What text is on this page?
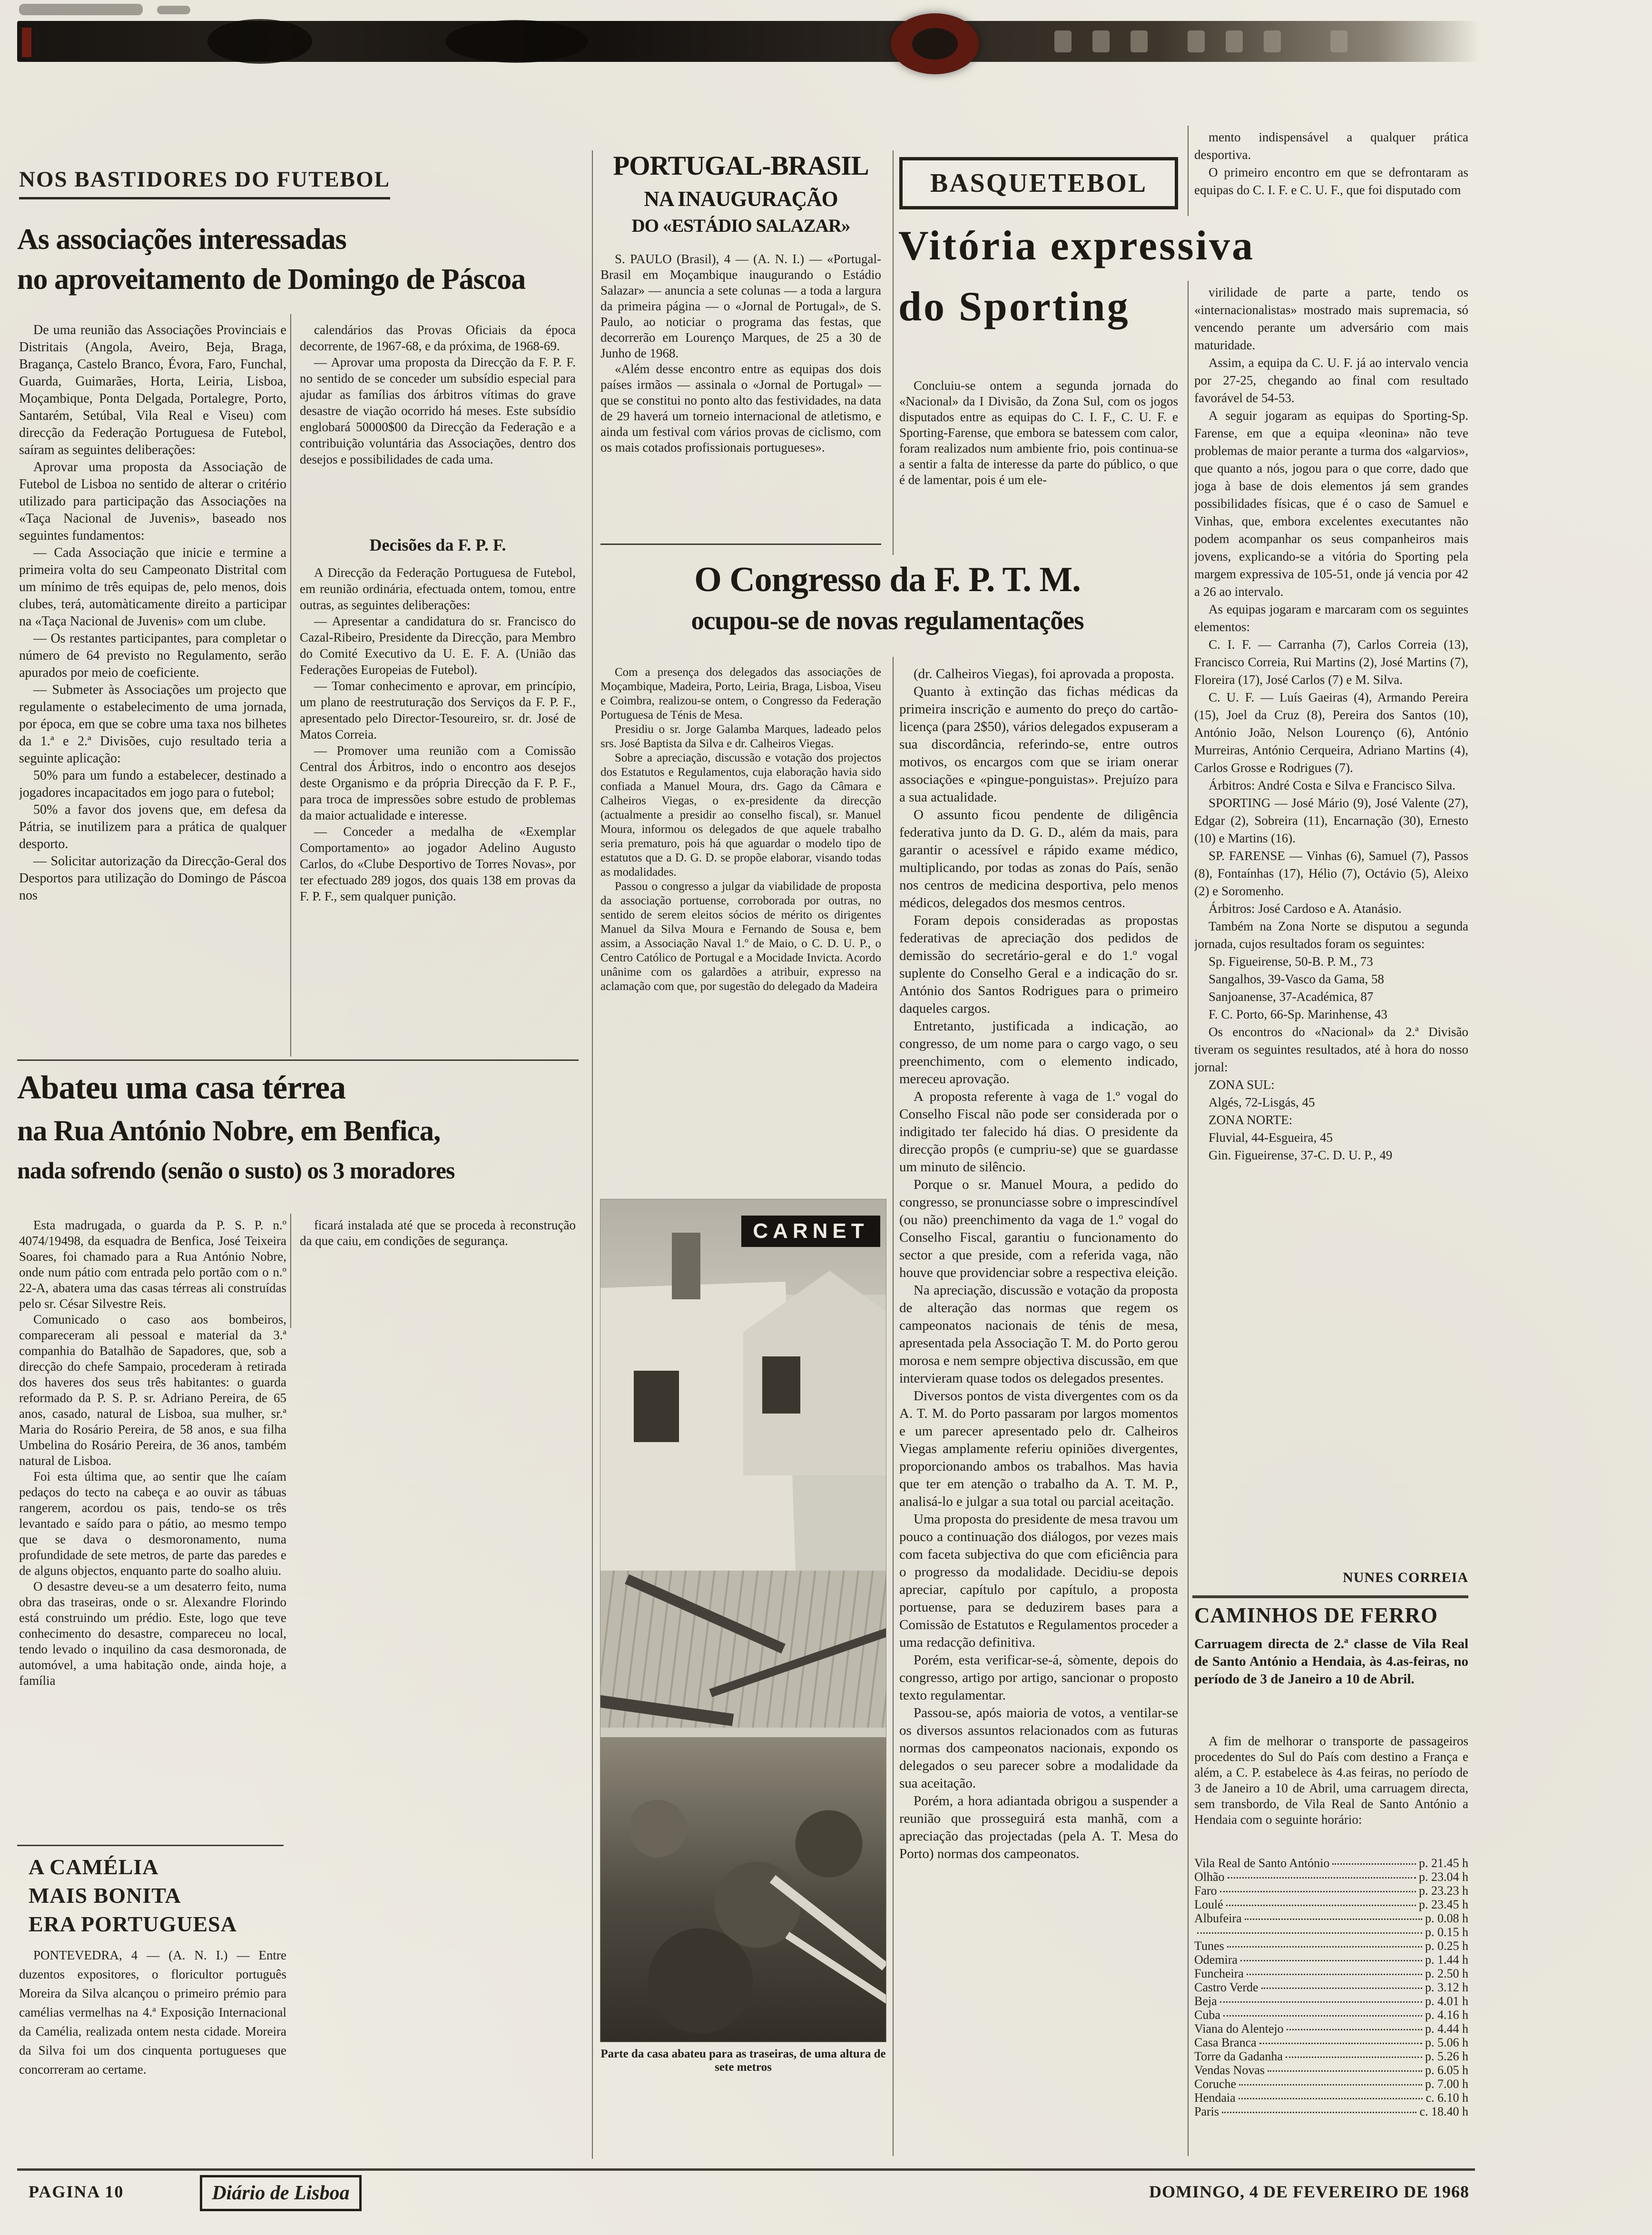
NOS BASTIDORES DO FUTEBOL
As associações interessadas
no aproveitamento de Domingo de Páscoa

De uma reunião das Associações Provinciais e Distritais (Angola, Aveiro, Beja, Braga, Bragança, Castelo Branco, Évora, Faro, Funchal, Guarda, Guimarães, Horta, Leiria, Lisboa, Moçambique, Ponta Delgada, Portalegre, Porto, Santarém, Setúbal, Vila Real e Viseu) com direcção da Federação Portuguesa de Futebol, saíram as seguintes deliberações:

Aprovar uma proposta da Associação de Futebol de Lisboa no sentido de alterar o critério utilizado para participação das Associações na «Taça Nacional de Juvenis», baseado nos seguintes fundamentos:

— Cada Associação que inicie e termine a primeira volta do seu Campeonato Distrital com um mínimo de três equipas de, pelo menos, dois clubes, terá, automàticamente direito a participar na «Taça Nacional de Juvenis» com um clube.

— Os restantes participantes, para completar o número de 64 previsto no Regulamento, serão apurados por meio de coeficiente.

— Submeter às Associações um projecto que regulamente o estabelecimento de uma jornada, por época, em que se cobre uma taxa nos bilhetes da 1.ª e 2.ª Divisões, cujo resultado teria a seguinte aplicação:

50% para um fundo a estabelecer, destinado a jogadores incapacitados em jogo para o futebol;

50% a favor dos jovens que, em defesa da Pátria, se inutilizem para a prática de qualquer desporto.

— Solicitar autorização da Direcção-Geral dos Desportos para utilização do Domingo de Páscoa nos

calendários das Provas Oficiais da época decorrente, de 1967-68, e da próxima, de 1968-69.

— Aprovar uma proposta da Direcção da F. P. F. no sentido de se conceder um subsídio especial para ajudar as famílias dos árbitros vítimas do grave desastre de viação ocorrido há meses. Este subsídio englobará 50000$00 da Direcção da Federação e a contribuição voluntária das Associações, dentro dos desejos e possibilidades de cada uma.

Decisões da F. P. F.

A Direcção da Federação Portuguesa de Futebol, em reunião ordinária, efectuada ontem, tomou, entre outras, as seguintes deliberações:

— Apresentar a candidatura do sr. Francisco do Cazal-Ribeiro, Presidente da Direcção, para Membro do Comité Executivo da U. E. F. A. (União das Federações Europeias de Futebol).

— Tomar conhecimento e aprovar, em princípio, um plano de reestruturação dos Serviços da F. P. F., apresentado pelo Director-Tesoureiro, sr. dr. José de Matos Correia.

— Promover uma reunião com a Comissão Central dos Árbitros, indo o encontro aos desejos deste Organismo e da própria Direcção da F. P. F., para troca de impressões sobre estudo de problemas da maior actualidade e interesse.

— Conceder a medalha de «Exemplar Comportamento» ao jogador Adelino Augusto Carlos, do «Clube Desportivo de Torres Novas», por ter efectuado 289 jogos, dos quais 138 em provas da F. P. F., sem qualquer punição.

PORTUGAL-BRASIL
NA INAUGURAÇÃO
DO «ESTÁDIO SALAZAR»

S. PAULO (Brasil), 4 — (A. N. I.) — «Portugal-Brasil em Moçambique inaugurando o Estádio Salazar» — anuncia a sete colunas — a toda a largura da primeira página — o «Jornal de Portugal», de S. Paulo, ao noticiar o programa das festas, que decorrerão em Lourenço Marques, de 25 a 30 de Junho de 1968.

«Além desse encontro entre as equipas dos dois países irmãos — assinala o «Jornal de Portugal» — que se constitui no ponto alto das festividades, na data de 29 haverá um torneio internacional de atletismo, e ainda um festival com vários provas de ciclismo, com os mais cotados profissionais portugueses».

BASQUETEBOL

mento indispensável a qualquer prática desportiva.

O primeiro encontro em que se defrontaram as equipas do C. I. F. e C. U. F., que foi disputado com

Vitória expressiva
do Sporting

Concluiu-se ontem a segunda jornada do «Nacional» da I Divisão, da Zona Sul, com os jogos disputados entre as equipas do C. I. F., C. U. F. e Sporting-Farense, que embora se batessem com calor, foram realizados num ambiente frio, pois continua-se a sentir a falta de interesse da parte do público, o que é de lamentar, pois é um ele-

virilidade de parte a parte, tendo os «internacionalistas» mostrado mais supremacia, só vencendo perante um adversário com mais maturidade.

Assim, a equipa da C. U. F. já ao intervalo vencia por 27-25, chegando ao final com resultado favorável de 54-53.

A seguir jogaram as equipas do Sporting-Sp. Farense, em que a equipa «leonina» não teve problemas de maior perante a turma dos «algarvios», que quanto a nós, jogou para o que corre, dado que joga à base de dois elementos já sem grandes possibilidades físicas, que é o caso de Samuel e Vinhas, que, embora excelentes executantes não podem acompanhar os seus companheiros mais jovens, explicando-se a vitória do Sporting pela margem expressiva de 105-51, onde já vencia por 42 a 26 ao intervalo.

As equipas jogaram e marcaram com os seguintes elementos:

C. I. F. — Carranha (7), Carlos Correia (13), Francisco Correia, Rui Martins (2), José Martins (7), Floreira (17), José Carlos (7) e M. Silva.

C. U. F. — Luís Gaeiras (4), Armando Pereira (15), Joel da Cruz (8), Pereira dos Santos (10), António João, Nelson Lourenço (6), António Murreiras, António Cerqueira, Adriano Martins (4), Carlos Grosse e Rodrigues (7).

Árbitros: André Costa e Silva e Francisco Silva.

SPORTING — José Mário (9), José Valente (27), Edgar (2), Sobreira (11), Encarnação (30), Ernesto (10) e Martins (16).

SP. FARENSE — Vinhas (6), Samuel (7), Passos (8), Fontaínhas (17), Hélio (7), Octávio (5), Aleixo (2) e Soromenho.

Árbitros: José Cardoso e A. Atanásio.

Também na Zona Norte se disputou a segunda jornada, cujos resultados foram os seguintes:

Sp. Figueirense, 50-B. P. M., 73

Sangalhos, 39-Vasco da Gama, 58

Sanjoanense, 37-Académica, 87

F. C. Porto, 66-Sp. Marinhense, 43

Os encontros do «Nacional» da 2.ª Divisão tiveram os seguintes resultados, até à hora do nosso jornal:

ZONA SUL:

Algés, 72-Lisgás, 45

ZONA NORTE:

Fluvial, 44-Esgueira, 45

Gin. Figueirense, 37-C. D. U. P., 49

NUNES CORREIA
O Congresso da F. P. T. M.
ocupou-se de novas regulamentações

Com a presença dos delegados das associações de Moçambique, Madeira, Porto, Leiria, Braga, Lisboa, Viseu e Coimbra, realizou-se ontem, o Congresso da Federação Portuguesa de Ténis de Mesa.

Presidiu o sr. Jorge Galamba Marques, ladeado pelos srs. José Baptista da Silva e dr. Calheiros Viegas.

Sobre a apreciação, discussão e votação dos projectos dos Estatutos e Regulamentos, cuja elaboração havia sido confiada a Manuel Moura, drs. Gago da Câmara e Calheiros Viegas, o ex-presidente da direcção (actualmente a presidir ao conselho fiscal), sr. Manuel Moura, informou os delegados de que aquele trabalho seria prematuro, pois há que aguardar o modelo tipo de estatutos que a D. G. D. se propõe elaborar, visando todas as modalidades.

Passou o congresso a julgar da viabilidade de proposta da associação portuense, corroborada por outras, no sentido de serem eleitos sócios de mérito os dirigentes Manuel da Silva Moura e Fernando de Sousa e, bem assim, a Associação Naval 1.º de Maio, o C. D. U. P., o Centro Católico de Portugal e a Mocidade Invicta. Acordo unânime com os galardões a atribuir, expresso na aclamação com que, por sugestão do delegado da Madeira

(dr. Calheiros Viegas), foi aprovada a proposta.

Quanto à extinção das fichas médicas da primeira inscrição e aumento do preço do cartão-licença (para 2$50), vários delegados expuseram a sua discordância, referindo-se, entre outros motivos, os encargos com que se iriam onerar associações e «pingue-ponguistas». Prejuízo para a sua actualidade.

O assunto ficou pendente de diligência federativa junto da D. G. D., além da mais, para garantir o acessível e rápido exame médico, multiplicando, por todas as zonas do País, senão nos centros de medicina desportiva, pelo menos médicos, delegados dos mesmos centros.

Foram depois consideradas as propostas federativas de apreciação dos pedidos de demissão do secretário-geral e do 1.º vogal suplente do Conselho Geral e a indicação do sr. António dos Santos Rodrigues para o primeiro daqueles cargos.

Entretanto, justificada a indicação, ao congresso, de um nome para o cargo vago, o seu preenchimento, com o elemento indicado, mereceu aprovação.

A proposta referente à vaga de 1.º vogal do Conselho Fiscal não pode ser considerada por o indigitado ter falecido há dias. O presidente da direcção propôs (e cumpriu-se) que se guardasse um minuto de silêncio.

Porque o sr. Manuel Moura, a pedido do congresso, se pronunciasse sobre o imprescindível (ou não) preenchimento da vaga de 1.º vogal do Conselho Fiscal, garantiu o funcionamento do sector a que preside, com a referida vaga, não houve que providenciar sobre a respectiva eleição.

Na apreciação, discussão e votação da proposta de alteração das normas que regem os campeonatos nacionais de ténis de mesa, apresentada pela Associação T. M. do Porto gerou morosa e nem sempre objectiva discussão, em que intervieram quase todos os delegados presentes.

Diversos pontos de vista divergentes com os da A. T. M. do Porto passaram por largos momentos e um parecer apresentado pelo dr. Calheiros Viegas amplamente referiu opiniões divergentes, proporcionando ambos os trabalhos. Mas havia que ter em atenção o trabalho da A. T. M. P., analisá-lo e julgar a sua total ou parcial aceitação.

Uma proposta do presidente de mesa travou um pouco a continuação dos diálogos, por vezes mais com faceta subjectiva do que com eficiência para o progresso da modalidade. Decidiu-se depois apreciar, capítulo por capítulo, a proposta portuense, para se deduzirem bases para a Comissão de Estatutos e Regulamentos proceder a uma redacção definitiva.

Porém, esta verificar-se-á, sòmente, depois do congresso, artigo por artigo, sancionar o proposto texto regulamentar.

Passou-se, após maioria de votos, a ventilar-se os diversos assuntos relacionados com as futuras normas dos campeonatos nacionais, expondo os delegados o seu parecer sobre a modalidade da sua aceitação.

Porém, a hora adiantada obrigou a suspender a reunião que prosseguirá esta manhã, com a apreciação das projectadas (pela A. T. Mesa do Porto) normas dos campeonatos.

Abateu uma casa térrea
na Rua António Nobre, em Benfica,
nada sofrendo (senão o susto) os 3 moradores

Esta madrugada, o guarda da P. S. P. n.º 4074/19498, da esquadra de Benfica, José Teixeira Soares, foi chamado para a Rua António Nobre, onde num pátio com entrada pelo portão com o n.º 22-A, abatera uma das casas térreas ali construídas pelo sr. César Silvestre Reis.

Comunicado o caso aos bombeiros, compareceram ali pessoal e material da 3.ª companhia do Batalhão de Sapadores, que, sob a direcção do chefe Sampaio, procederam à retirada dos haveres dos seus três habitantes: o guarda reformado da P. S. P. sr. Adriano Pereira, de 65 anos, casado, natural de Lisboa, sua mulher, sr.ª Maria do Rosário Pereira, de 58 anos, e sua filha Umbelina do Rosário Pereira, de 36 anos, também natural de Lisboa.

Foi esta última que, ao sentir que lhe caíam pedaços do tecto na cabeça e ao ouvir as tábuas rangerem, acordou os pais, tendo-se os três levantado e saído para o pátio, ao mesmo tempo que se dava o desmoronamento, numa profundidade de sete metros, de parte das paredes e de alguns objectos, enquanto parte do soalho aluiu.

O desastre deveu-se a um desaterro feito, numa obra das traseiras, onde o sr. Alexandre Florindo está construindo um prédio. Este, logo que teve conhecimento do desastre, compareceu no local, tendo levado o inquilino da casa desmoronada, de automóvel, a uma habitação onde, ainda hoje, a família

ficará instalada até que se proceda à reconstrução da que caiu, em condições de segurança.	CARNET
Parte da casa abateu para as traseiras, de uma altura de sete metros
A CAMÉLIA
MAIS BONITA
ERA PORTUGUESA

PONTEVEDRA, 4 — (A. N. I.) — Entre duzentos expositores, o floricultor português Moreira da Silva alcançou o primeiro prémio para camélias vermelhas na 4.ª Exposição Internacional da Camélia, realizada ontem nesta cidade. Moreira da Silva foi um dos cinquenta portugueses que concorreram ao certame.

CAMINHOS DE FERRO

Carruagem directa de 2.ª classe de Vila Real de Santo António a Hendaia, às 4.as-feiras, no período de 3 de Janeiro a 10 de Abril.

A fim de melhorar o transporte de passageiros procedentes do Sul do País com destino a França e além, a C. P. estabelece às 4.as feiras, no período de 3 de Janeiro a 10 de Abril, uma carruagem directa, sem transbordo, de Vila Real de Santo António a Hendaia com o seguinte horário:

Vila Real de Santo António	p. 21.45 h
Olhão	p. 23.04 h
Faro	p. 23.23 h
Loulé	p. 23.45 h
Albufeira	p. 0.08 h
p. 0.15 h
Tunes	p. 0.25 h
Odemira	p. 1.44 h
Funcheira	p. 2.50 h
Castro Verde	p. 3.12 h
Beja	p. 4.01 h
Cuba	p. 4.16 h
Viana do Alentejo	p. 4.44 h
Casa Branca	p. 5.06 h
Torre da Gadanha	p. 5.26 h
Vendas Novas	p. 6.05 h
Coruche	p. 7.00 h
Hendaia	c. 6.10 h
Paris	c. 18.40 h
PAGINA 10	Diário de Lisboa	DOMINGO, 4 DE FEVEREIRO DE 1968
